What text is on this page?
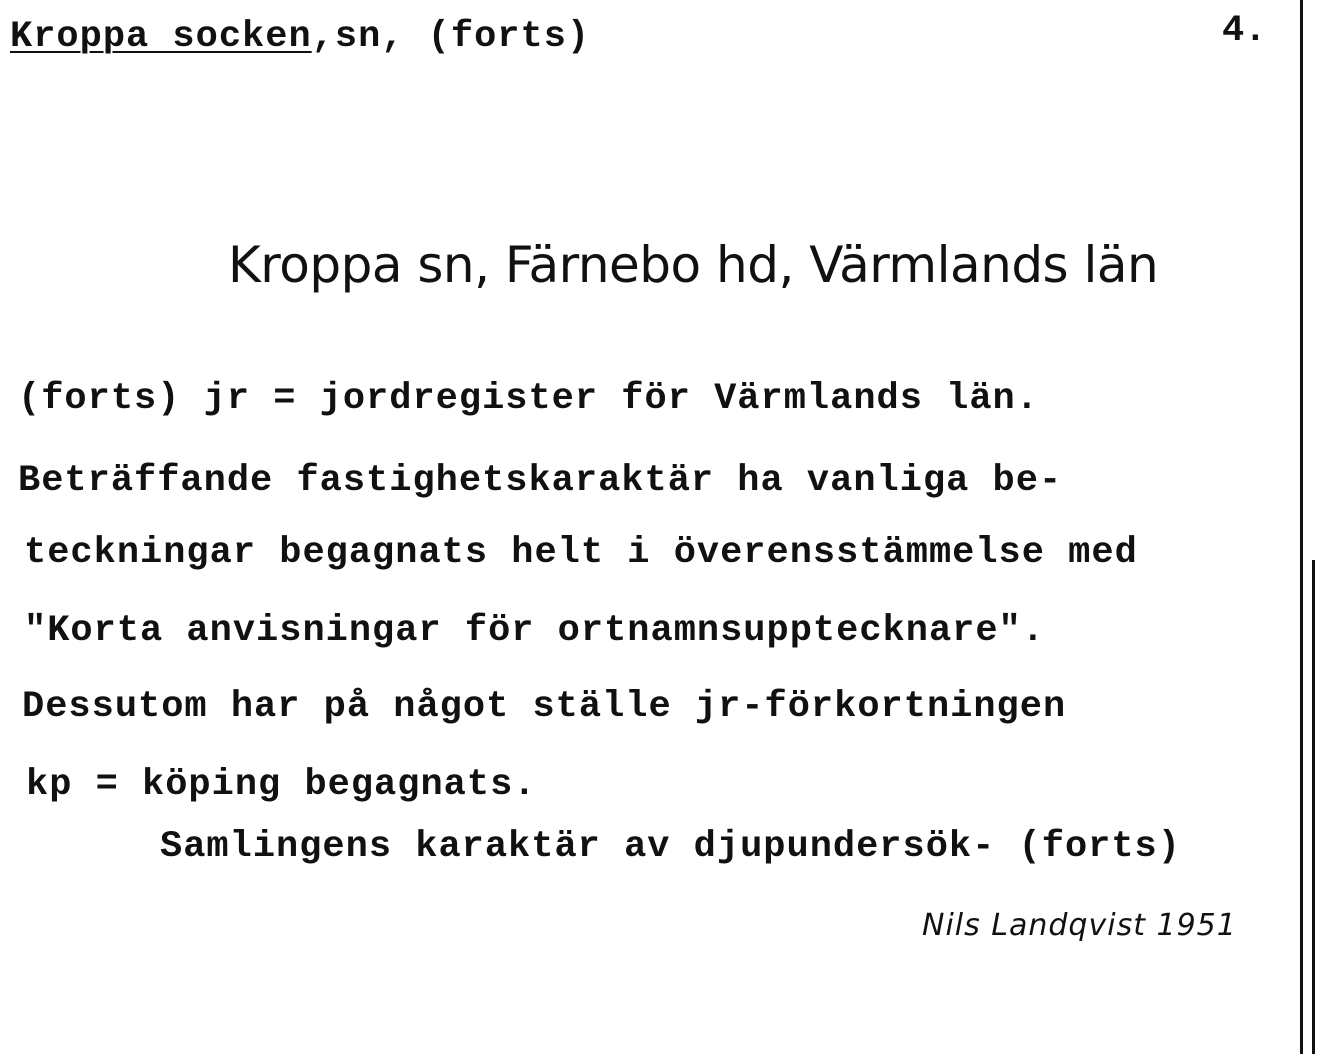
Kroppa socken,sn, (forts)	4.
Kroppa sn, Färnebo hd, Värmlands län
(forts) jr = jordregister för Värmlands län.
Beträffande fastighetskaraktär ha vanliga be-
teckningar begagnats helt i överensstämmelse med
"Korta anvisningar för ortnamnsupptecknare".
Dessutom har på något ställe jr-förkortningen
kp = köping begagnats.
Samlingens karaktär av djupundersök- (forts)
Nils Landqvist 1951
